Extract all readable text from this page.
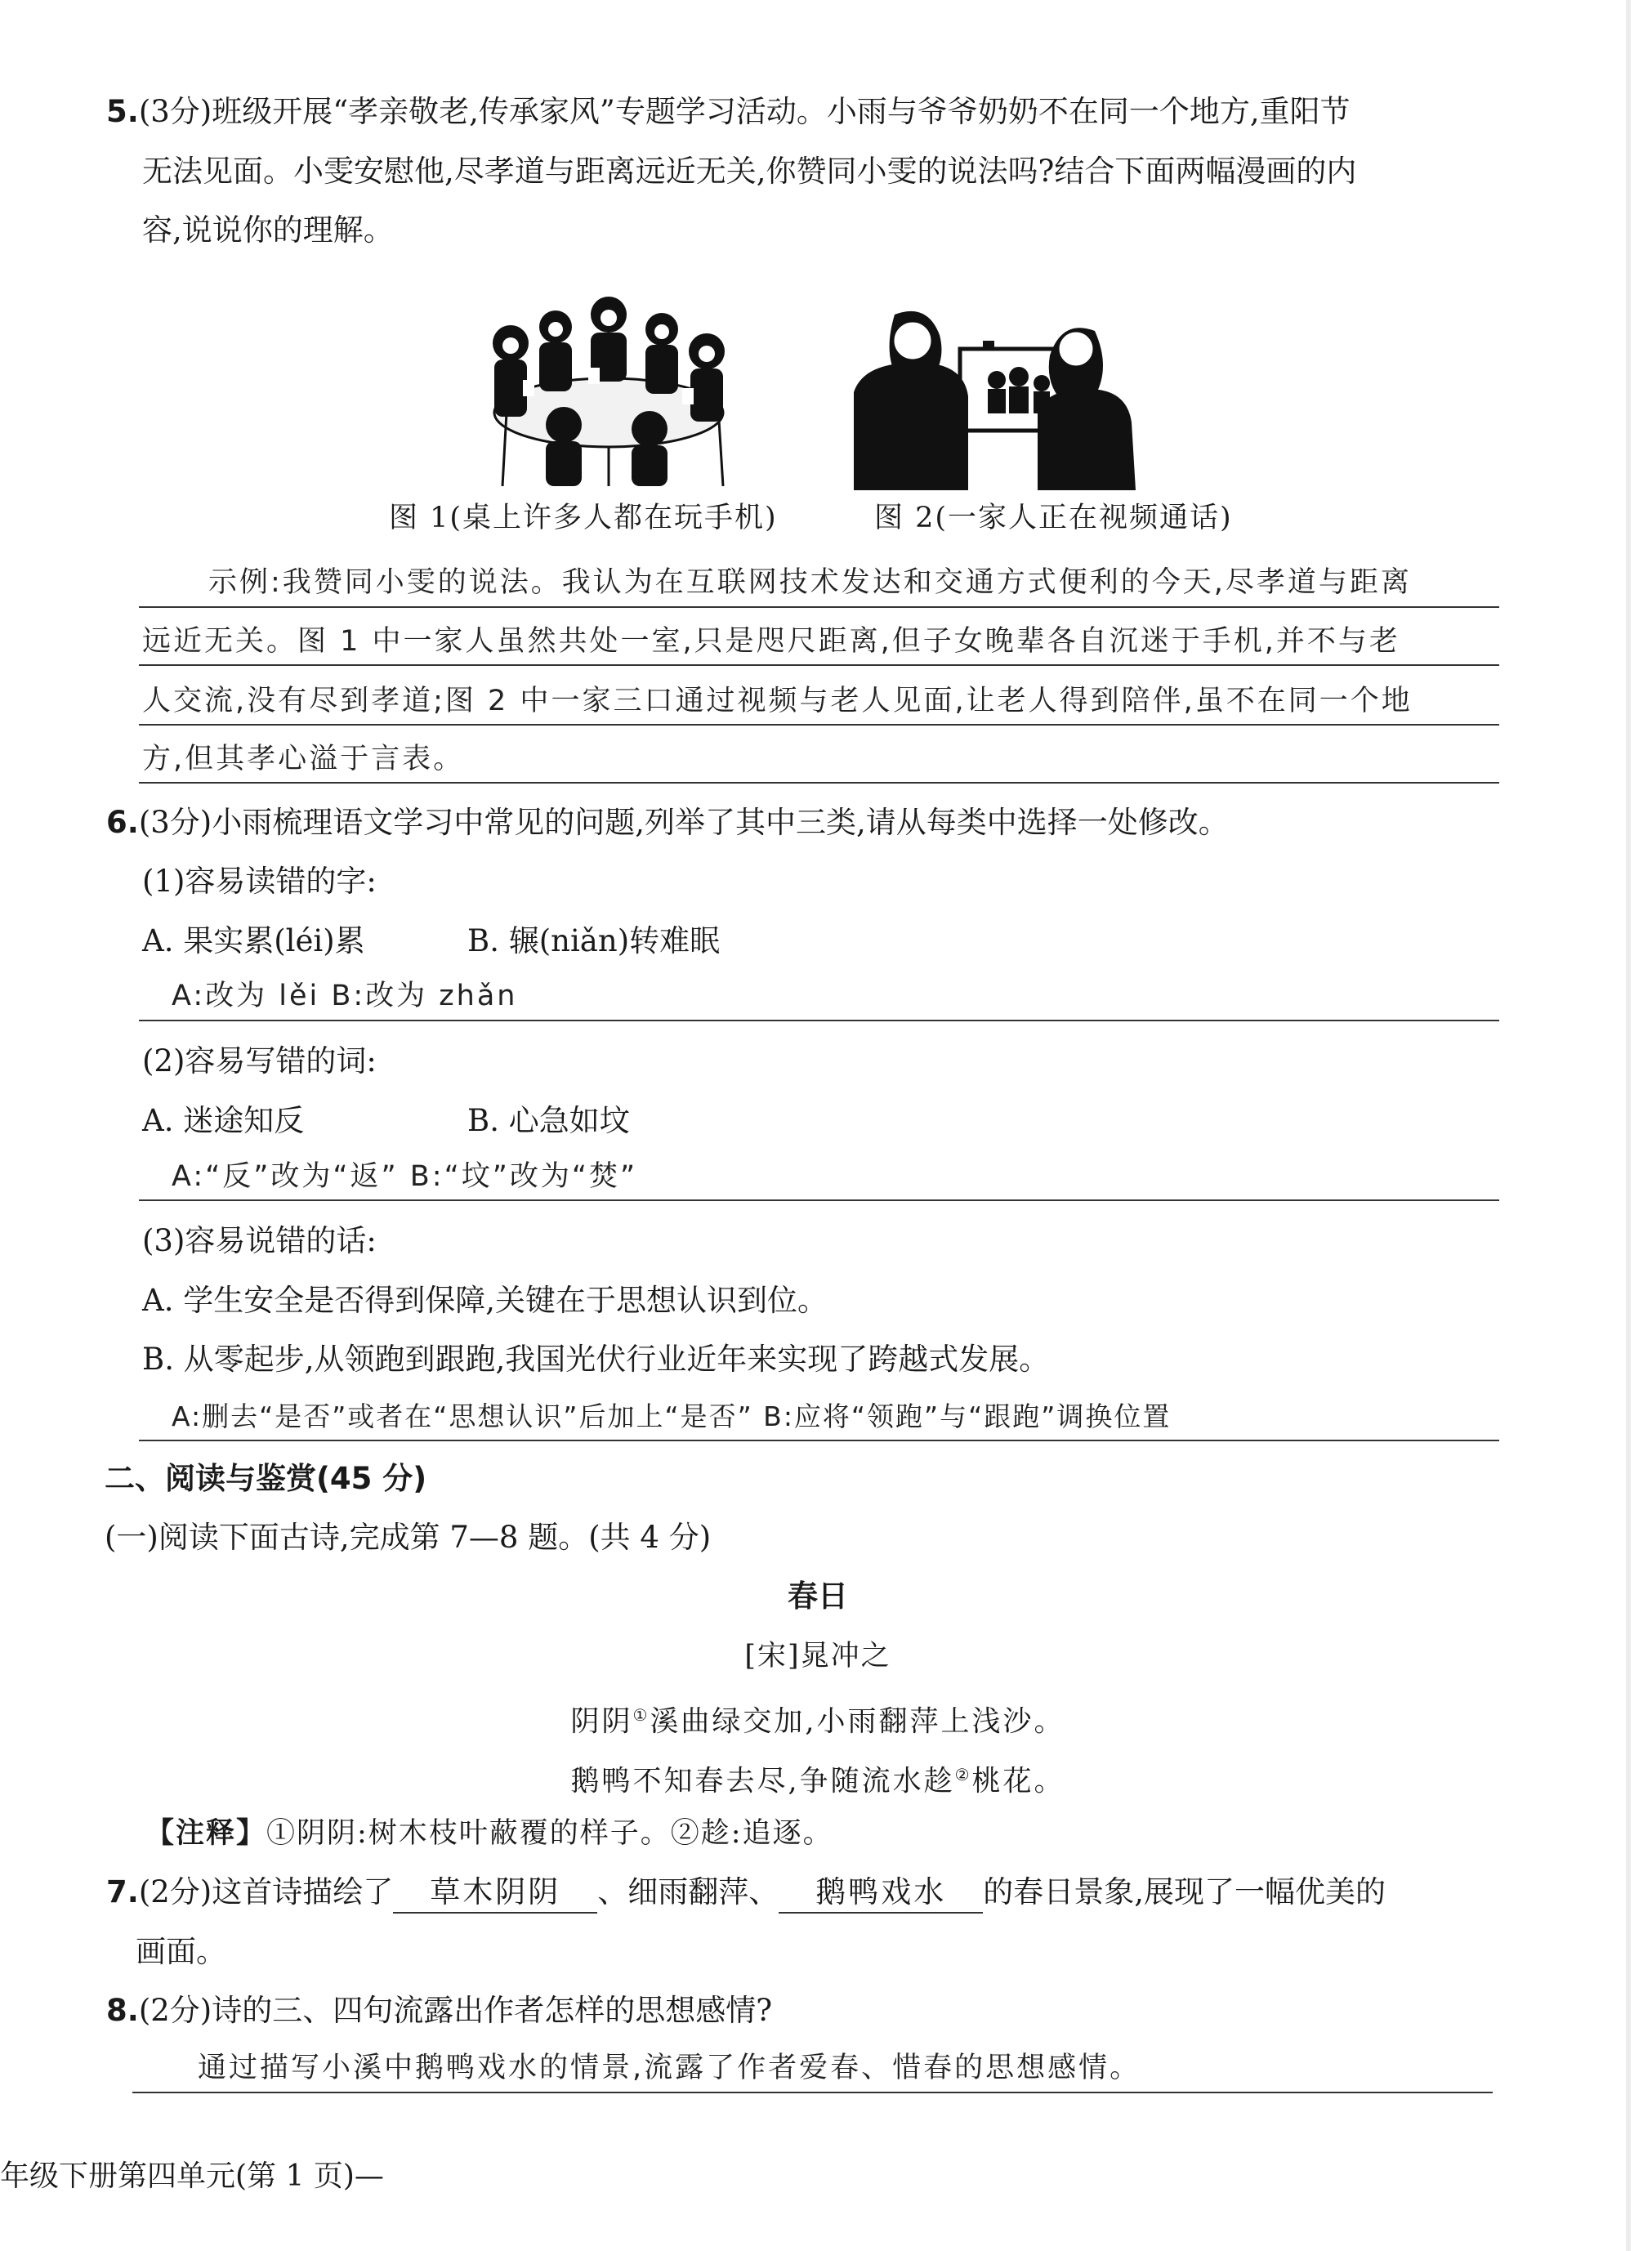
5.(3分)班级开展“孝亲敬老,传承家风”专题学习活动。小雨与爷爷奶奶不在同一个地方,重阳节
无法见面。小雯安慰他,尽孝道与距离远近无关,你赞同小雯的说法吗?结合下面两幅漫画的内
容,说说你的理解。
图 1(桌上许多人都在玩手机)	图 2(一家人正在视频通话)
示例:我赞同小雯的说法。我认为在互联网技术发达和交通方式便利的今天,尽孝道与距离
远近无关。图 1 中一家人虽然共处一室,只是咫尺距离,但子女晚辈各自沉迷于手机,并不与老
人交流,没有尽到孝道;图 2 中一家三口通过视频与老人见面,让老人得到陪伴,虽不在同一个地
方,但其孝心溢于言表。
6.(3分)小雨梳理语文学习中常见的问题,列举了其中三类,请从每类中选择一处修改。
(1)容易读错的字:
A. 果实累(léi)累	B. 辗(niǎn)转难眠
A:改为 lěi B:改为 zhǎn
(2)容易写错的词:
A. 迷途知反	B. 心急如坟
A:“反”改为“返” B:“坟”改为“焚”
(3)容易说错的话:
A. 学生安全是否得到保障,关键在于思想认识到位。
B. 从零起步,从领跑到跟跑,我国光伏行业近年来实现了跨越式发展。
A:删去“是否”或者在“思想认识”后加上“是否” B:应将“领跑”与“跟跑”调换位置
二、阅读与鉴赏(45 分)
(一)阅读下面古诗,完成第 7—8 题。(共 4 分)
春日
[宋]晁冲之
阴阴①溪曲绿交加,小雨翻萍上浅沙。
鹅鸭不知春去尽,争随流水趁②桃花。
【注释】①阴阴:树木枝叶蔽覆的样子。②趁:追逐。
7.(2分)这首诗描绘了 草木阴阴 、细雨翻萍、 鹅鸭戏水 的春日景象,展现了一幅优美的
画面。
8.(2分)诗的三、四句流露出作者怎样的思想感情?
通过描写小溪中鹅鸭戏水的情景,流露了作者爱春、惜春的思想感情。
年级下册第四单元(第 1 页)—
